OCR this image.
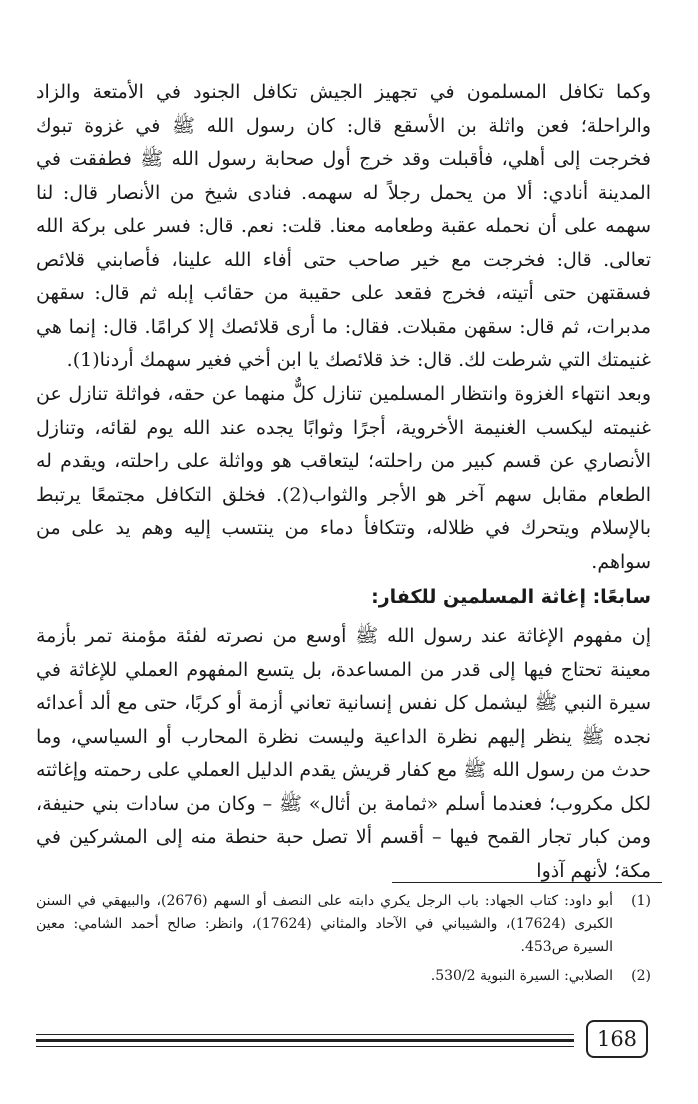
وكما تكافل المسلمون في تجهيز الجيش تكافل الجنود في الأمتعة والزاد والراحلة؛ فعن واثلة بن الأسقع قال: كان رسول الله ﷺ في غزوة تبوك فخرجت إلى أهلي، فأقبلت وقد خرج أول صحابة رسول الله ﷺ فطفقت في المدينة أنادي: ألا من يحمل رجلاً له سهمه. فنادى شيخ من الأنصار قال: لنا سهمه على أن نحمله عقبة وطعامه معنا. قلت: نعم. قال: فسر على بركة الله تعالى. قال: فخرجت مع خير صاحب حتى أفاء الله علينا، فأصابني قلائص فسقتهن حتى أتيته، فخرج فقعد على حقيبة من حقائب إبله ثم قال: سقهن مدبرات، ثم قال: سقهن مقبلات. فقال: ما أرى قلائصك إلا كرامًا. قال: إنما هي غنيمتك التي شرطت لك. قال: خذ قلائصك يا ابن أخي فغير سهمك أردنا(1).

وبعد انتهاء الغزوة وانتظار المسلمين تنازل كلٌّ منهما عن حقه، فواثلة تنازل عن غنيمته ليكسب الغنيمة الأخروية، أجرًا وثوابًا يجده عند الله يوم لقائه، وتنازل الأنصاري عن قسم كبير من راحلته؛ ليتعاقب هو وواثلة على راحلته، ويقدم له الطعام مقابل سهم آخر هو الأجر والثواب(2). فخلق التكافل مجتمعًا يرتبط بالإسلام ويتحرك في ظلاله، وتتكافأ دماء من ينتسب إليه وهم يد على من سواهم.

سابعًا: إغاثة المسلمين للكفار:

إن مفهوم الإغاثة عند رسول الله ﷺ أوسع من نصرته لفئة مؤمنة تمر بأزمة معينة تحتاج فيها إلى قدر من المساعدة، بل يتسع المفهوم العملي للإغاثة في سيرة النبي ﷺ ليشمل كل نفس إنسانية تعاني أزمة أو كربًا، حتى مع ألد أعدائه نجده ﷺ ينظر إليهم نظرة الداعية وليست نظرة المحارب أو السياسي، وما حدث من رسول الله ﷺ مع كفار قريش يقدم الدليل العملي على رحمته وإغاثته لكل مكروب؛ فعندما أسلم «ثمامة بن أثال» ﷺ – وكان من سادات بني حنيفة، ومن كبار تجار القمح فيها – أقسم ألا تصل حبة حنطة منه إلى المشركين في مكة؛ لأنهم آذوا

(1)
أبو داود: كتاب الجهاد: باب الرجل يكري دابته على النصف أو السهم (2676)، والبيهقي في السنن الكبرى (17624)، والشيباني في الآحاد والمثاني (17624)، وانظر: صالح أحمد الشامي: معين السيرة ص453.
(2)
الصلابي: السيرة النبوية 530/2.
168
